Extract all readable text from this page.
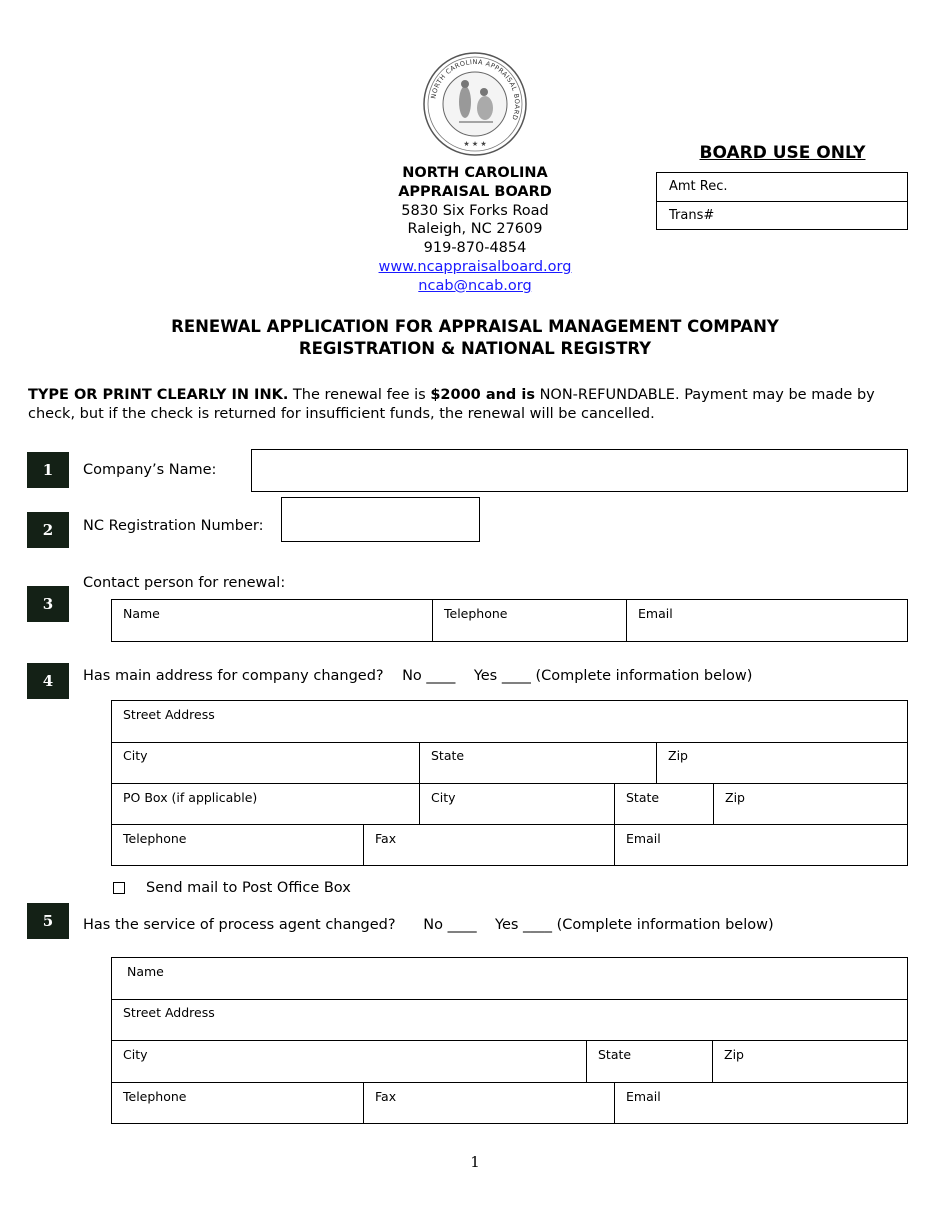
NORTH CAROLINA APPRAISAL BOARD
★ ★ ★
NORTH CAROLINA
APPRAISAL BOARD
5830 Six Forks Road
Raleigh, NC 27609
919-870-4854
www.ncappraisalboard.org
ncab@ncab.org
BOARD USE ONLY
Amt Rec.
Trans#
RENEWAL APPLICATION FOR APPRAISAL MANAGEMENT COMPANY
REGISTRATION & NATIONAL REGISTRY
TYPE OR PRINT CLEARLY IN INK. The renewal fee is $2000 and is NON-REFUNDABLE. Payment may be made by check, but if the check is returned for insufficient funds, the renewal will be cancelled.
1	Company’s Name:
2	NC Registration Number:
Contact person for renewal:
3
Name	Telephone	Email
4	Has main address for company changed? No ____    Yes ____ (Complete information below)
Street Address
City	State	Zip
PO Box (if applicable)	City	State	Zip
Telephone	Fax	Email
Send mail to Post Office Box
5	Has the service of process agent changed? No ____    Yes ____ (Complete information below)
Name
Street Address
City	State	Zip
Telephone	Fax	Email
1
